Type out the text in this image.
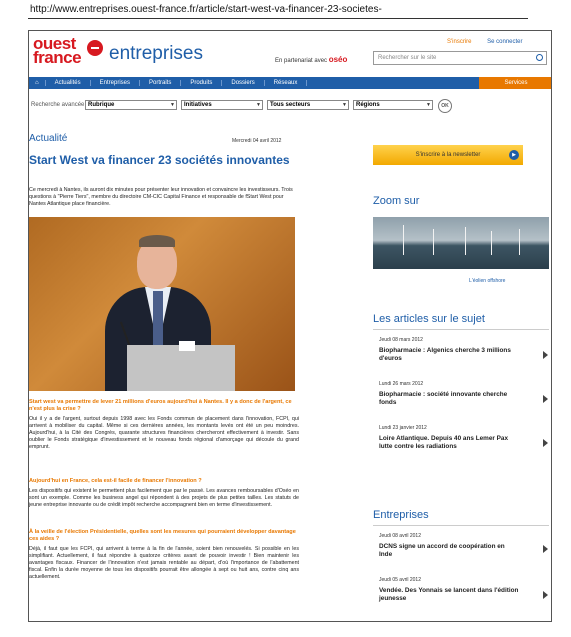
http://www.entreprises.ouest-france.fr/article/start-west-va-financer-23-societes-
ouest
france entreprises	En partenariat avec oséo
S'inscrire	Se connecter
Rechercher sur le site
⌂	Actualités	Entreprises	Portraits	Produits	Dossiers	Réseaux	Services
Recherche avancée Rubrique ▼	Initiatives ▼	Tous secteurs ▼	Régions ▼	OK
Actualité	Mercredi 04 avril 2012
Start West va financer 23 sociétés innovantes
Ce mercredi à Nantes, ils auront dix minutes pour présenter leur innovation et convaincre les investisseurs. Trois questions à "Pierre Tiers", membre du directoire CM-CIC Capital Finance et responsable de fStart West pour Nantes Atlantique place financière.
Start west va permettre de lever 21 millions d'euros aujourd'hui à Nantes. Il y a donc de l'argent, ce n'est plus la crise ?
Oui il y a de l'argent, surtout depuis 1998 avec les Fonds commun de placement dans l'innovation, FCPI, qui arrivent à mobiliser du capital. Même si ces dernières années, les montants levés ont été un peu moindres. Aujourd'hui, à la Cité des Congrès, quarante structures financières chercheront effectivement à investir. Sans oublier le Fonds stratégique d'investissement et le nouveau fonds régional d'amorçage qui découle du grand emprunt.
Aujourd'hui en France, cela est-il facile de financer l'innovation ?
Les dispositifs qui existent le permettent plus facilement que par le passé. Les avances remboursables d'Oséo en sont un exemple. Comme les business angel qui répondent à des projets de plus petites tailles. Les statuts de jeune entreprise innovante ou de crédit impôt recherche accompagnent bien en terme d'investissement.
À la veille de l'élection Présidentielle, quelles sont les mesures qui pourraient développer davantage ces aides ?
Déjà, il faut que les FCPI, qui arrivent à terme à la fin de l'année, soient bien renouvelés. Si possible en les simplifiant. Actuellement, il faut répondre à quatorze critères avant de pouvoir investir ! Bien maintenir les avantages fiscaux. Financer de l'innovation n'est jamais rentable au départ, d'où l'importance de l'abattement fiscal. Enfin la durée moyenne de tous les dispositifs pourrait être allongée à sept ou huit ans, contre cinq ans actuellement.
S'inscrire à la newsletter	▶
Zoom sur
L'éolien offshore
Les articles sur le sujet
Jeudi 08 mars 2012
Biopharmacie : Algenics cherche 3 millions d'euros
Lundi 26 mars 2012
Biopharmacie : société innovante cherche fonds
Lundi 23 janvier 2012
Loire Atlantique. Depuis 40 ans Lemer Pax lutte contre les radiations
Entreprises
Jeudi 08 avril 2012
DCNS signe un accord de coopération en Inde
Jeudi 05 avril 2012
Vendée. Des Yonnais se lancent dans l'édition jeunesse
